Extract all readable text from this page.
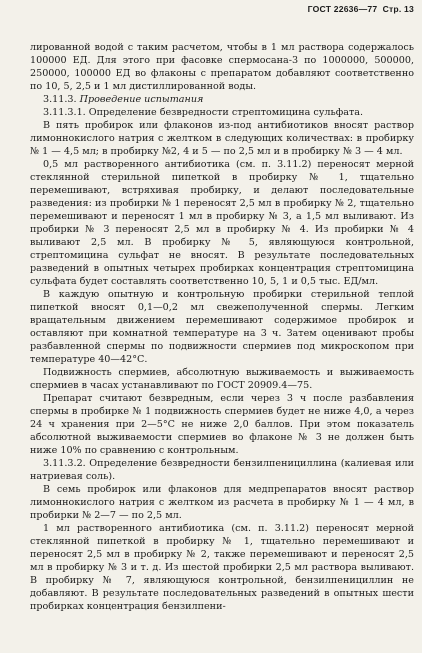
ГОСТ 22636—77 Стр. 13

лированной водой с таким расчетом, чтобы в 1 мл раствора содержалось 100000 ЕД. Для этого при фасовке спермосана-3 по 1000000, 500000, 250000, 100000 ЕД во флаконы с препаратом добавляют соответственно по 10, 5, 2,5 и 1 мл дистиллированной воды.

3.11.3. Проведение испытания

3.11.3.1. Определение безвредности стрептомицина сульфата.

В пять пробирок или флаконов из-под антибиотиков вносят раствор лимоннокислого натрия с желтком в следующих количествах: в пробирку № 1 — 4,5 мл; в пробирку №2, 4 и 5 — по 2,5 мл и в пробирку № 3 — 4 мл.

0,5 мл растворенного антибиотика (см. п. 3.11.2) переносят мерной стеклянной стерильной пипеткой в пробирку № 1, тщательно перемешивают, встряхивая пробирку, и делают последовательные разведения: из пробирки № 1 переносят 2,5 мл в пробирку № 2, тщательно перемешивают и переносят 1 мл в пробирку № 3, а 1,5 мл выливают. Из пробирки № 3 переносят 2,5 мл в пробирку № 4. Из пробирки № 4 выливают 2,5 мл. В пробирку № 5, являющуюся контрольной, стрептомицина сульфат не вносят. В результате последовательных разведений в опытных четырех пробирках концентрация стрептомицина сульфата будет составлять соответственно 10, 5, 1 и 0,5 тыс. ЕД/мл.

В каждую опытную и контрольную пробирки стерильной теплой пипеткой вносят 0,1—0,2 мл свежеполученной спермы. Легким вращательным движением перемешивают содержимое пробирок и оставляют при комнатной температуре на 3 ч. Затем оценивают пробы разбавленной спермы по подвижности спермиев под микроскопом при температуре 40—42°С.

Подвижность спермиев, абсолютную выживаемость и выживаемость спермиев в часах устанавливают по ГОСТ 20909.4—75.

Препарат считают безвредным, если через 3 ч после разбавления спермы в пробирке № 1 подвижность спермиев будет не ниже 4,0, а через 24 ч хранения при 2—5°С не ниже 2,0 баллов. При этом показатель абсолютной выживаемости спермиев во флаконе № 3 не должен быть ниже 10% по сравнению с контрольным.

3.11.3.2. Определение безвредности бензилпенициллина (калиевая или натриевая соль).

В семь пробирок или флаконов для медпрепаратов вносят раствор лимоннокислого натрия с желтком из расчета в пробирку № 1 — 4 мл, в пробирки № 2—7 — по 2,5 мл.

1 мл растворенного антибиотика (см. п. 3.11.2) переносят мерной стеклянной пипеткой в пробирку № 1, тщательно перемешивают и переносят 2,5 мл в пробирку № 2, также перемешивают и переносят 2,5 мл в пробирку № 3 и т. д. Из шестой пробирки 2,5 мл раствора выливают. В пробирку № 7, являющуюся контрольной, бензилпенициллин не добавляют. В результате последовательных разведений в опытных шести пробирках концентрация бензилпени-
